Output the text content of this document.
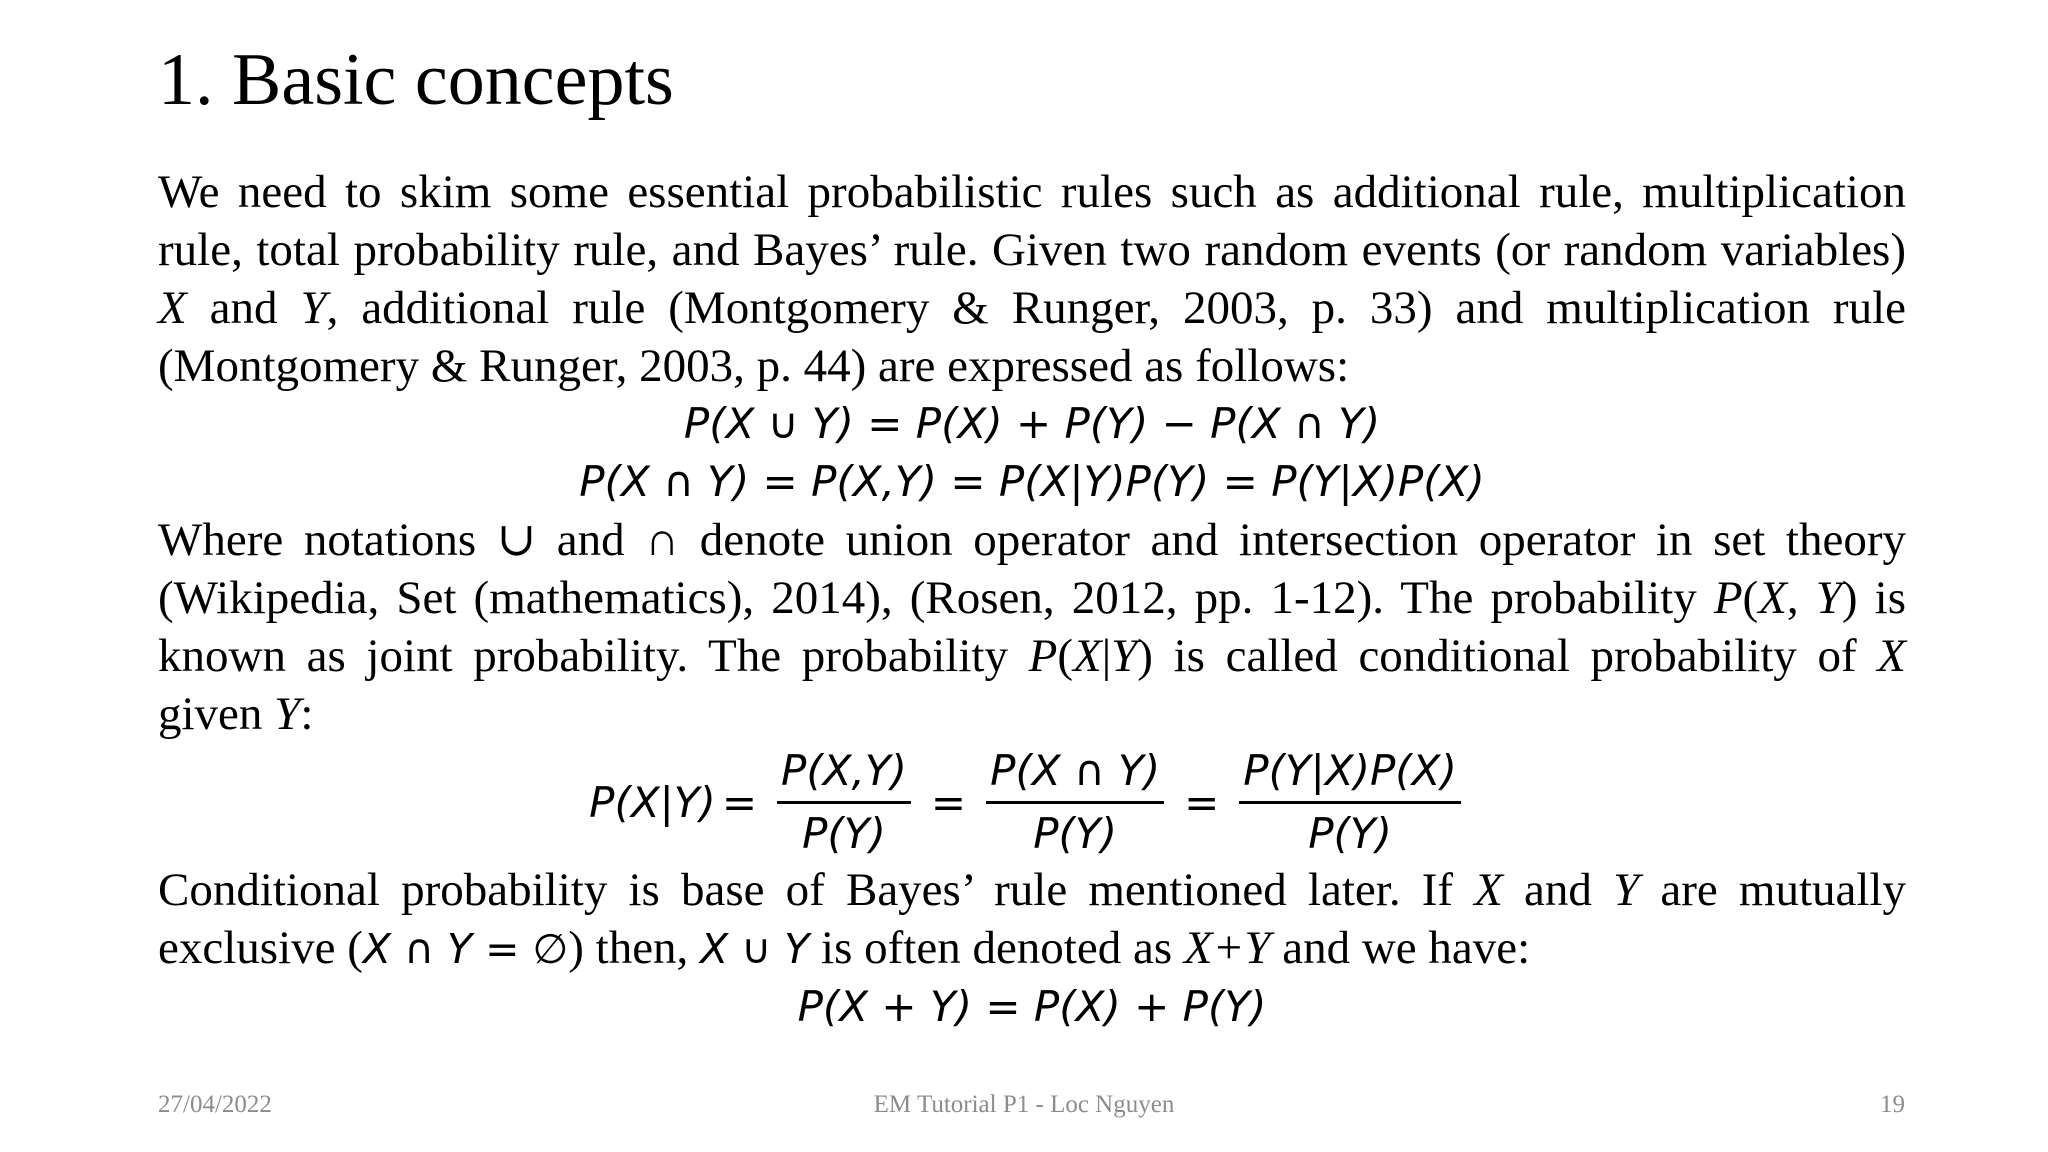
1. Basic concepts

We need to skim some essential probabilistic rules such as additional rule, multiplication rule, total probability rule, and Bayes’ rule. Given two random events (or random variables) X and Y, additional rule (Montgomery & Runger, 2003, p. 33) and multiplication rule (Montgomery & Runger, 2003, p. 44) are expressed as follows:

P(X ∪ Y) = P(X) + P(Y) − P(X ∩ Y)
P(X ∩ Y) = P(X,Y) = P(X|Y)P(Y) = P(Y|X)P(X)

Where notations ∪ and ∩ denote union operator and intersection operator in set theory (Wikipedia, Set (mathematics), 2014), (Rosen, 2012, pp. 1-12). The probability P(X, Y) is known as joint probability. The probability P(X|Y) is called conditional probability of X given Y:

$P(X|Y) = \frac{P(X,Y)}{P(Y)} = \frac{P(X \cap Y)}{P(Y)} = \frac{P(Y|X)P(X)}{P(Y)}$

Conditional probability is base of Bayes’ rule mentioned later. If X and Y are mutually exclusive (X ∩ Y = ∅) then, X ∪ Y is often denoted as X+Y and we have:

P(X + Y) = P(X) + P(Y)
27/04/2022	EM Tutorial P1 - Loc Nguyen	19
